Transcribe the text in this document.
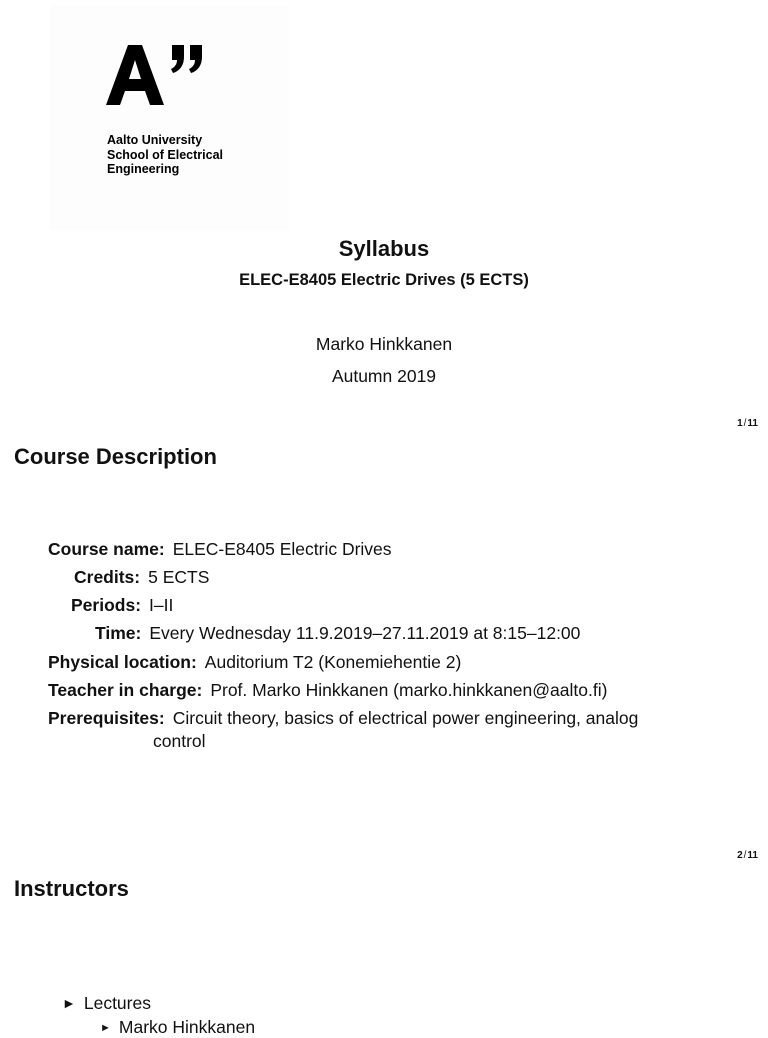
Aalto University
School of Electrical
Engineering
Syllabus
ELEC-E8405 Electric Drives (5 ECTS)
Marko Hinkkanen
Autumn 2019
1/11
Course Description
Course name: ELEC-E8405 Electric Drives
Credits: 5 ECTS
Periods: I–II
Time: Every Wednesday 11.9.2019–27.11.2019 at 8:15–12:00
Physical location: Auditorium T2 (Konemiehentie 2)
Teacher in charge: Prof. Marko Hinkkanen (marko.hinkkanen@aalto.fi)
Prerequisites: Circuit theory, basics of electrical power engineering, analog
control
2/11
Instructors
► Lectures
► Marko Hinkkanen
